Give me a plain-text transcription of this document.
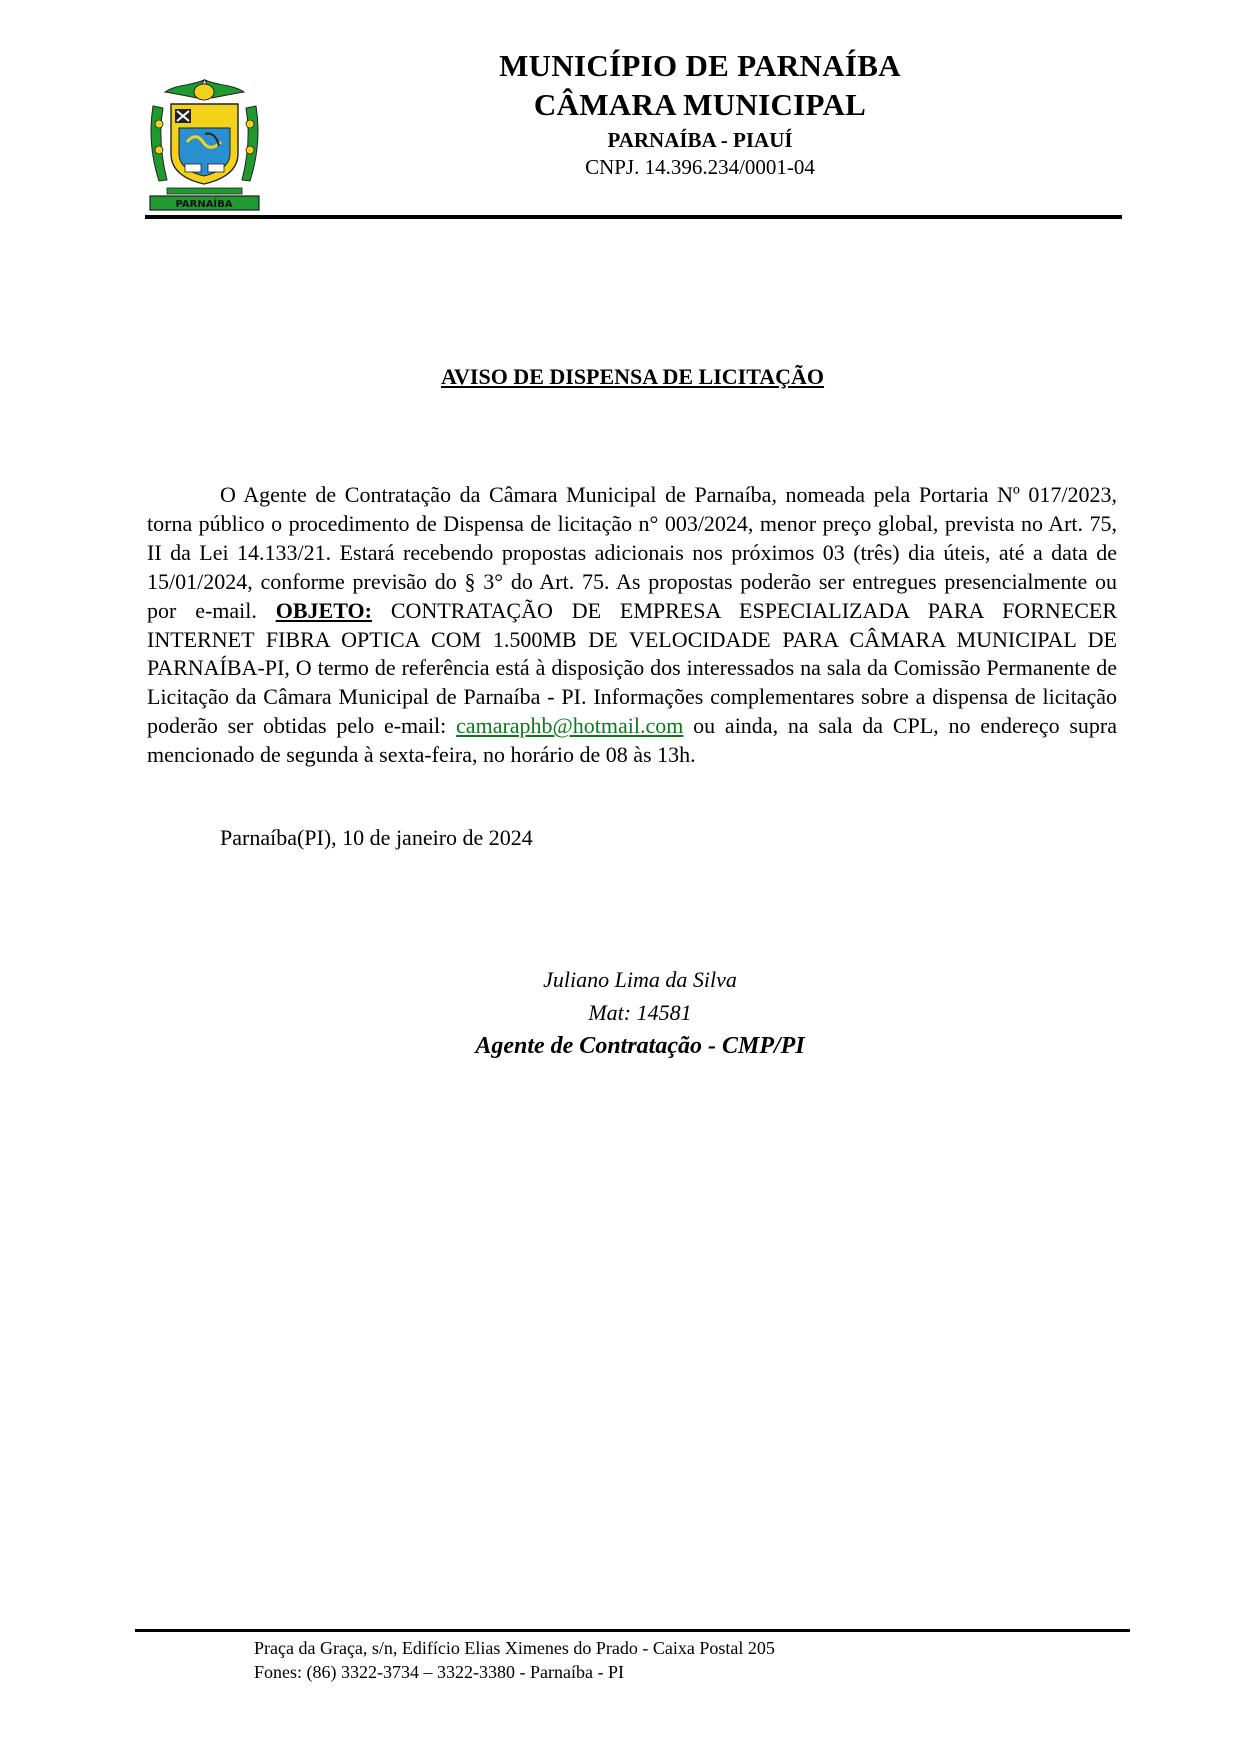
PARNAÍBA
MUNICÍPIO DE PARNAÍBA
CÂMARA MUNICIPAL
PARNAÍBA - PIAUÍ
CNPJ. 14.396.234/0001-04
AVISO DE DISPENSA DE LICITAÇÃO

O Agente de Contratação da Câmara Municipal de Parnaíba, nomeada pela Portaria Nº 017/2023, torna público o procedimento de Dispensa de licitação n° 003/2024, menor preço global, prevista no Art. 75, II da Lei 14.133/21. Estará recebendo propostas adicionais nos próximos 03 (três) dia úteis, até a data de 15/01/2024, conforme previsão do § 3° do Art. 75. As propostas poderão ser entregues presencialmente ou por e-mail. OBJETO: CONTRATAÇÃO DE EMPRESA ESPECIALIZADA PARA FORNECER INTERNET FIBRA OPTICA COM 1.500MB DE VELOCIDADE PARA CÂMARA MUNICIPAL DE PARNAÍBA-PI, O termo de referência está à disposição dos interessados na sala da Comissão Permanente de Licitação da Câmara Municipal de Parnaíba - PI. Informações complementares sobre a dispensa de licitação poderão ser obtidas pelo e-mail: camaraphb@hotmail.com ou ainda, na sala da CPL, no endereço supra mencionado de segunda à sexta-feira, no horário de 08 às 13h.

Parnaíba(PI), 10 de janeiro de 2024
Juliano Lima da Silva
Mat: 14581
Agente de Contratação - CMP/PI
Praça da Graça, s/n, Edifício Elias Ximenes do Prado - Caixa Postal 205
Fones: (86) 3322-3734 – 3322-3380 - Parnaíba - PI
